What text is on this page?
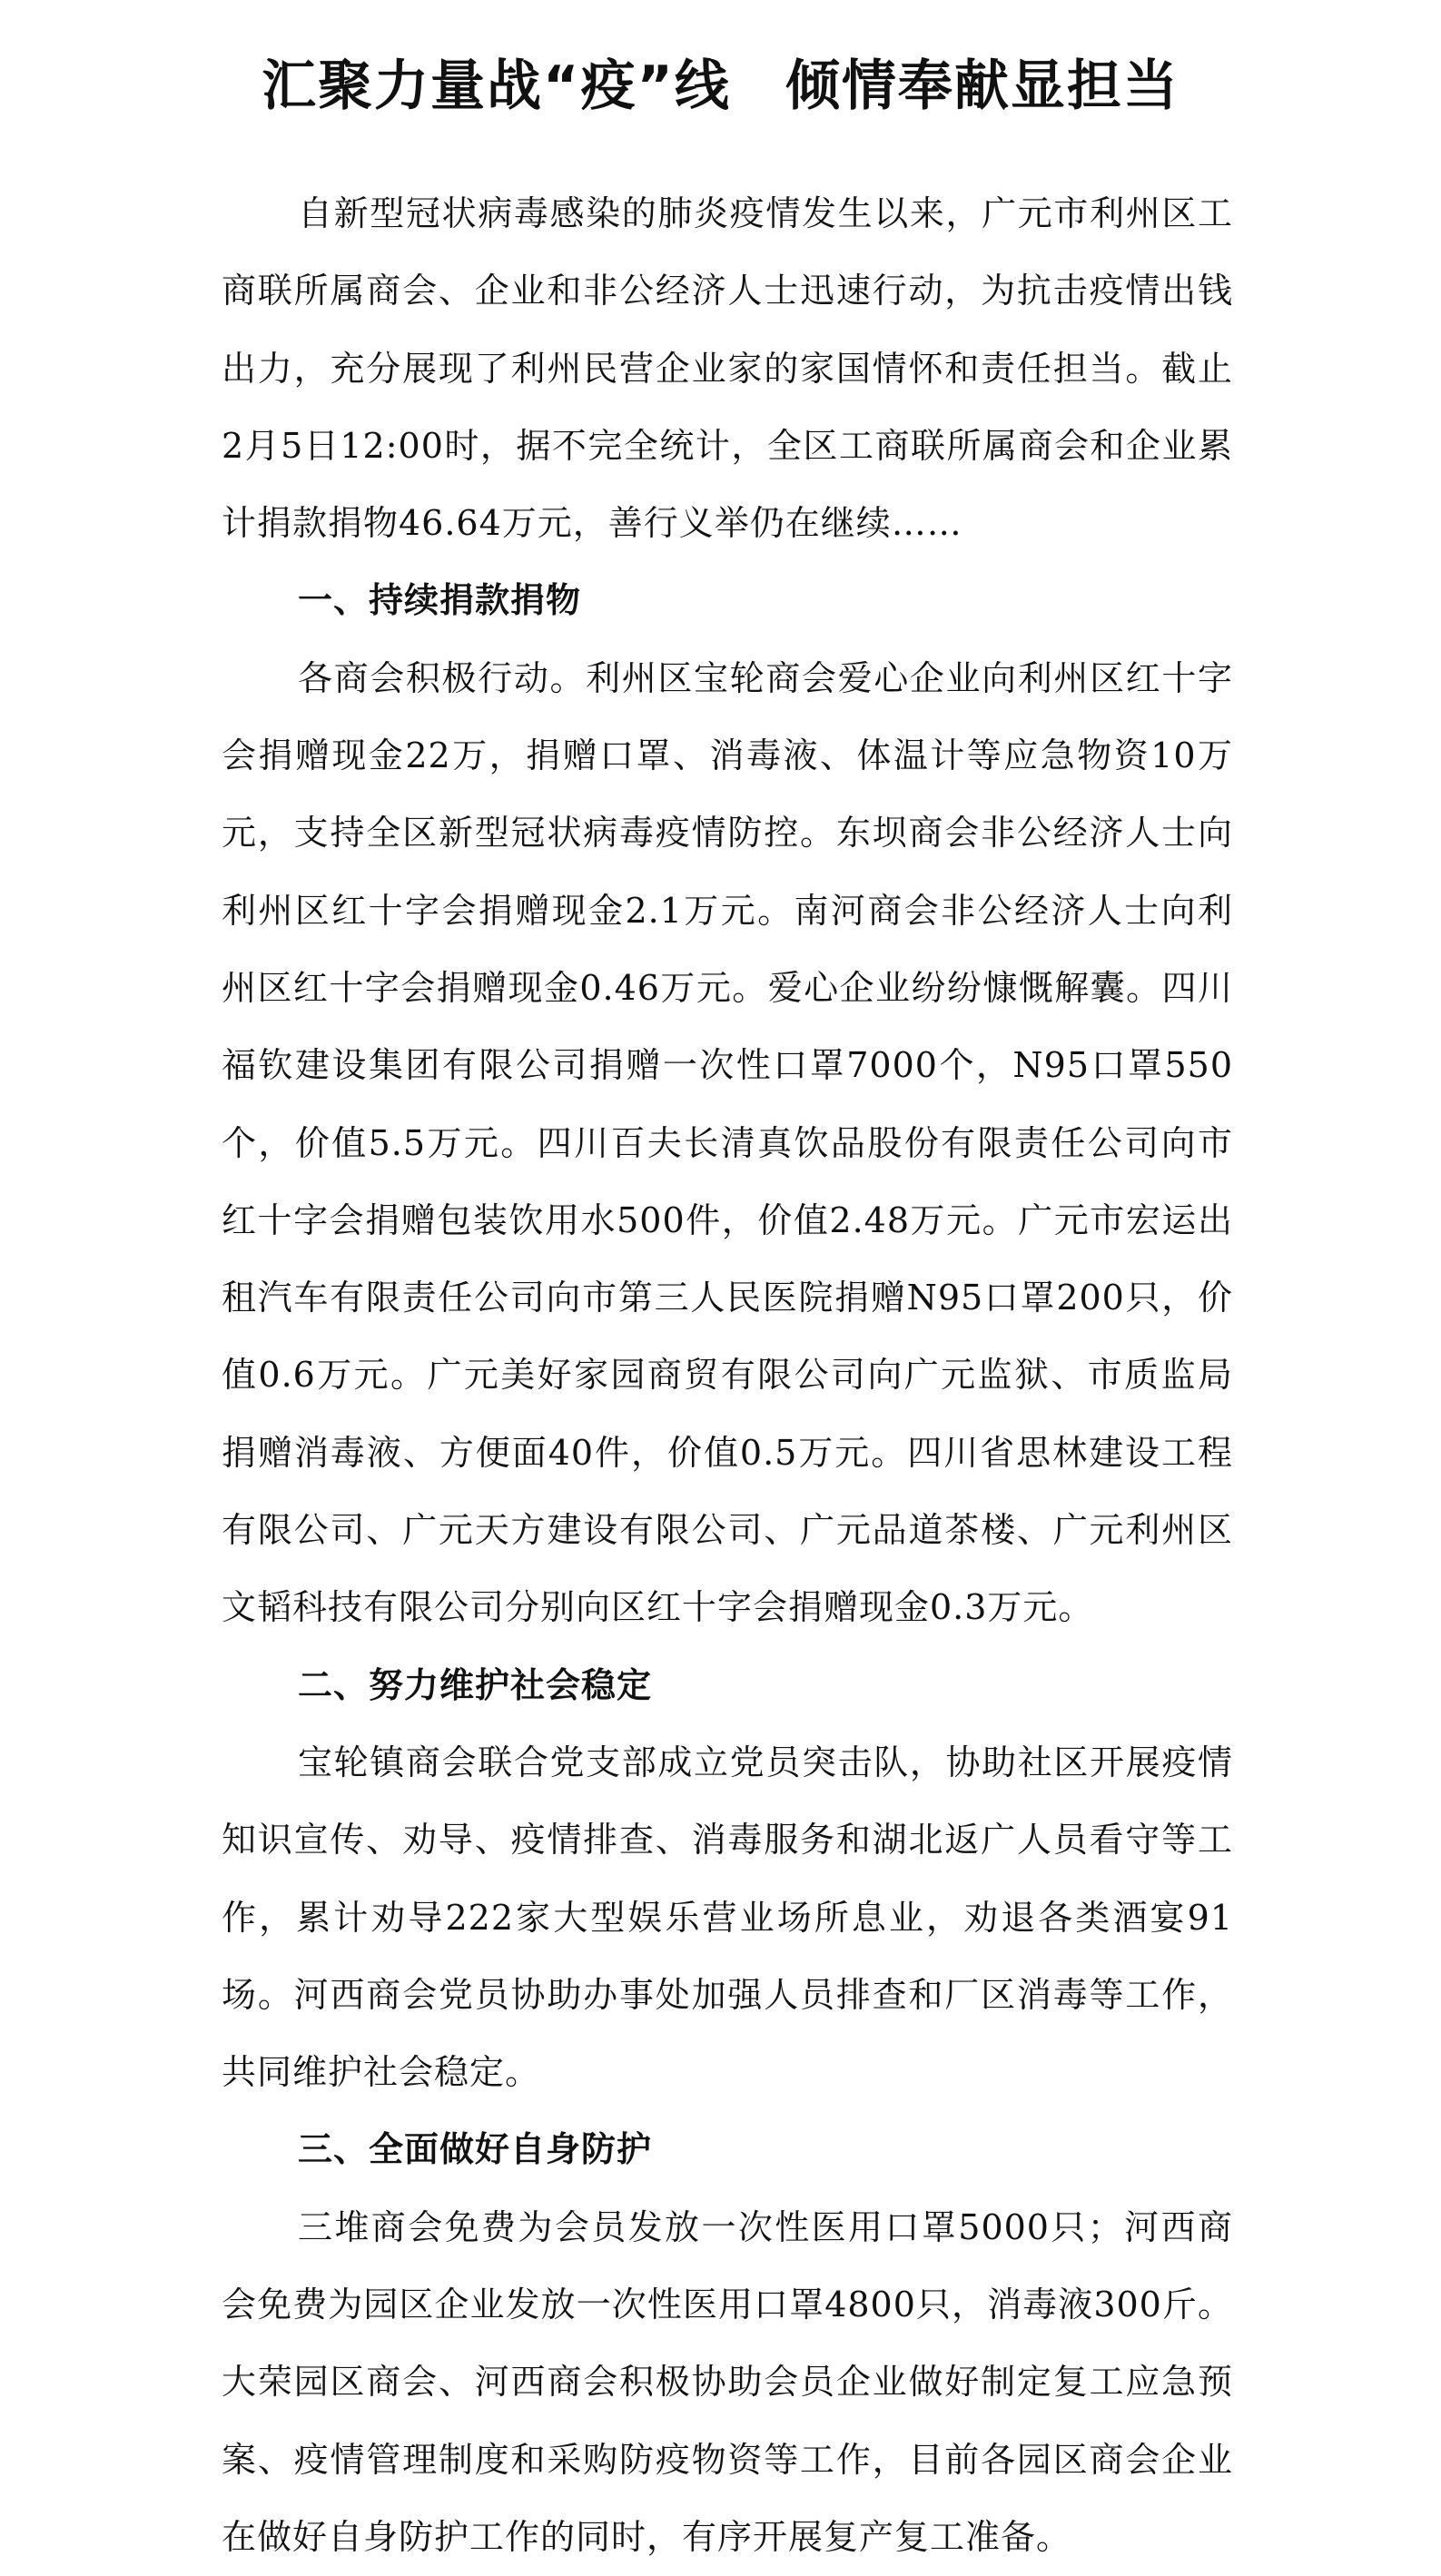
汇聚力量战“疫”线 倾情奉献显担当

自新型冠状病毒感染的肺炎疫情发生以来，广元市利州区工商联所属商会、企业和非公经济人士迅速行动，为抗击疫情出钱出力，充分展现了利州民营企业家的家国情怀和责任担当。截止2月5日12:00时，据不完全统计，全区工商联所属商会和企业累计捐款捐物46.64万元，善行义举仍在继续……

一、持续捐款捐物

各商会积极行动。利州区宝轮商会爱心企业向利州区红十字会捐赠现金22万，捐赠口罩、消毒液、体温计等应急物资10万元，支持全区新型冠状病毒疫情防控。东坝商会非公经济人士向利州区红十字会捐赠现金2.1万元。南河商会非公经济人士向利州区红十字会捐赠现金0.46万元。爱心企业纷纷慷慨解囊。四川福钦建设集团有限公司捐赠一次性口罩7000个，N95口罩550个，价值5.5万元。四川百夫长清真饮品股份有限责任公司向市红十字会捐赠包装饮用水500件，价值2.48万元。广元市宏运出租汽车有限责任公司向市第三人民医院捐赠N95口罩200只，价值0.6万元。广元美好家园商贸有限公司向广元监狱、市质监局捐赠消毒液、方便面40件，价值0.5万元。四川省思林建设工程有限公司、广元天方建设有限公司、广元品道茶楼、广元利州区文韬科技有限公司分别向区红十字会捐赠现金0.3万元。

二、努力维护社会稳定

宝轮镇商会联合党支部成立党员突击队，协助社区开展疫情知识宣传、劝导、疫情排查、消毒服务和湖北返广人员看守等工作，累计劝导222家大型娱乐营业场所息业，劝退各类酒宴91场。河西商会党员协助办事处加强人员排查和厂区消毒等工作，共同维护社会稳定。

三、全面做好自身防护

三堆商会免费为会员发放一次性医用口罩5000只；河西商会免费为园区企业发放一次性医用口罩4800只，消毒液300斤。大荣园区商会、河西商会积极协助会员企业做好制定复工应急预案、疫情管理制度和采购防疫物资等工作，目前各园区商会企业在做好自身防护工作的同时，有序开展复产复工准备。
